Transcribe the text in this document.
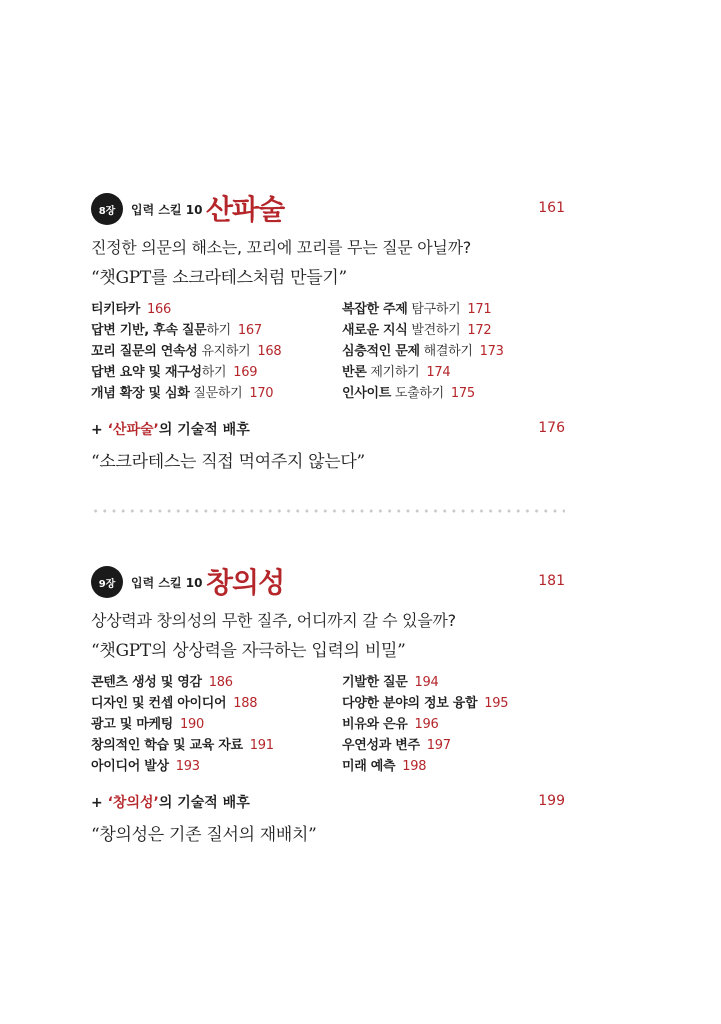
8장	입력 스킬 10 산파술	161
진정한 의문의 해소는, 꼬리에 꼬리를 무는 질문 아닐까?
“챗GPT를 소크라테스처럼 만들기”
티키타카 166	복잡한 주제 탐구하기 171
답변 기반, 후속 질문하기 167	새로운 지식 발견하기 172
꼬리 질문의 연속성 유지하기 168	심층적인 문제 해결하기 173
답변 요약 및 재구성하기 169	반론 제기하기 174
개념 확장 및 심화 질문하기 170	인사이트 도출하기 175
+ ‘산파술’의 기술적 배후	176
“소크라테스는 직접 먹여주지 않는다”
9장	입력 스킬 10 창의성	181
상상력과 창의성의 무한 질주, 어디까지 갈 수 있을까?
“챗GPT의 상상력을 자극하는 입력의 비밀”
콘텐츠 생성 및 영감 186	기발한 질문 194
디자인 및 컨셉 아이디어 188	다양한 분야의 정보 융합 195
광고 및 마케팅 190	비유와 은유 196
창의적인 학습 및 교육 자료 191	우연성과 변주 197
아이디어 발상 193	미래 예측 198
+ ‘창의성’의 기술적 배후	199
“창의성은 기존 질서의 재배치”
